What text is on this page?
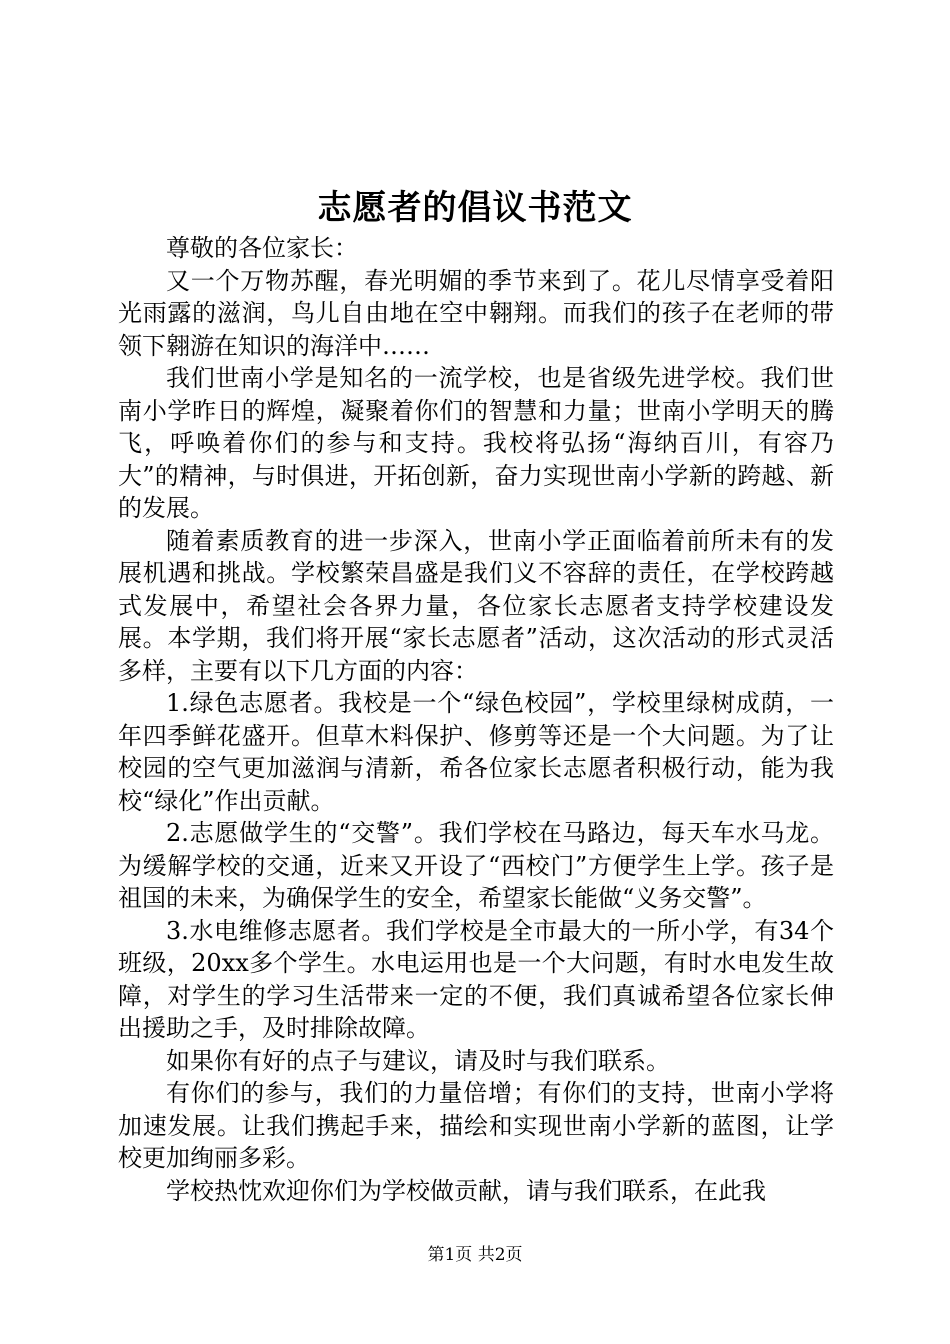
志愿者的倡议书范文

尊敬的各位家长：

又一个万物苏醒，春光明媚的季节来到了。花儿尽情享受着阳光雨露的滋润，鸟儿自由地在空中翱翔。而我们的孩子在老师的带领下翱游在知识的海洋中……

我们世南小学是知名的一流学校，也是省级先进学校。我们世南小学昨日的辉煌，凝聚着你们的智慧和力量；世南小学明天的腾飞，呼唤着你们的参与和支持。我校将弘扬“海纳百川，有容乃大”的精神，与时俱进，开拓创新，奋力实现世南小学新的跨越、新的发展。

随着素质教育的进一步深入，世南小学正面临着前所未有的发展机遇和挑战。学校繁荣昌盛是我们义不容辞的责任，在学校跨越式发展中，希望社会各界力量，各位家长志愿者支持学校建设发展。本学期，我们将开展“家长志愿者”活动，这次活动的形式灵活多样，主要有以下几方面的内容：

1.绿色志愿者。我校是一个“绿色校园”，学校里绿树成荫，一年四季鲜花盛开。但草木料保护、修剪等还是一个大问题。为了让校园的空气更加滋润与清新，希各位家长志愿者积极行动，能为我校“绿化”作出贡献。

2.志愿做学生的“交警”。我们学校在马路边，每天车水马龙。为缓解学校的交通，近来又开设了“西校门”方便学生上学。孩子是祖国的未来，为确保学生的安全，希望家长能做“义务交警”。

3.水电维修志愿者。我们学校是全市最大的一所小学，有34个班级，20xx多个学生。水电运用也是一个大问题，有时水电发生故障，对学生的学习生活带来一定的不便，我们真诚希望各位家长伸出援助之手，及时排除故障。

如果你有好的点子与建议，请及时与我们联系。

有你们的参与，我们的力量倍增；有你们的支持，世南小学将加速发展。让我们携起手来，描绘和实现世南小学新的蓝图，让学校更加绚丽多彩。

学校热忱欢迎你们为学校做贡献，请与我们联系，在此我

第1页 共2页
